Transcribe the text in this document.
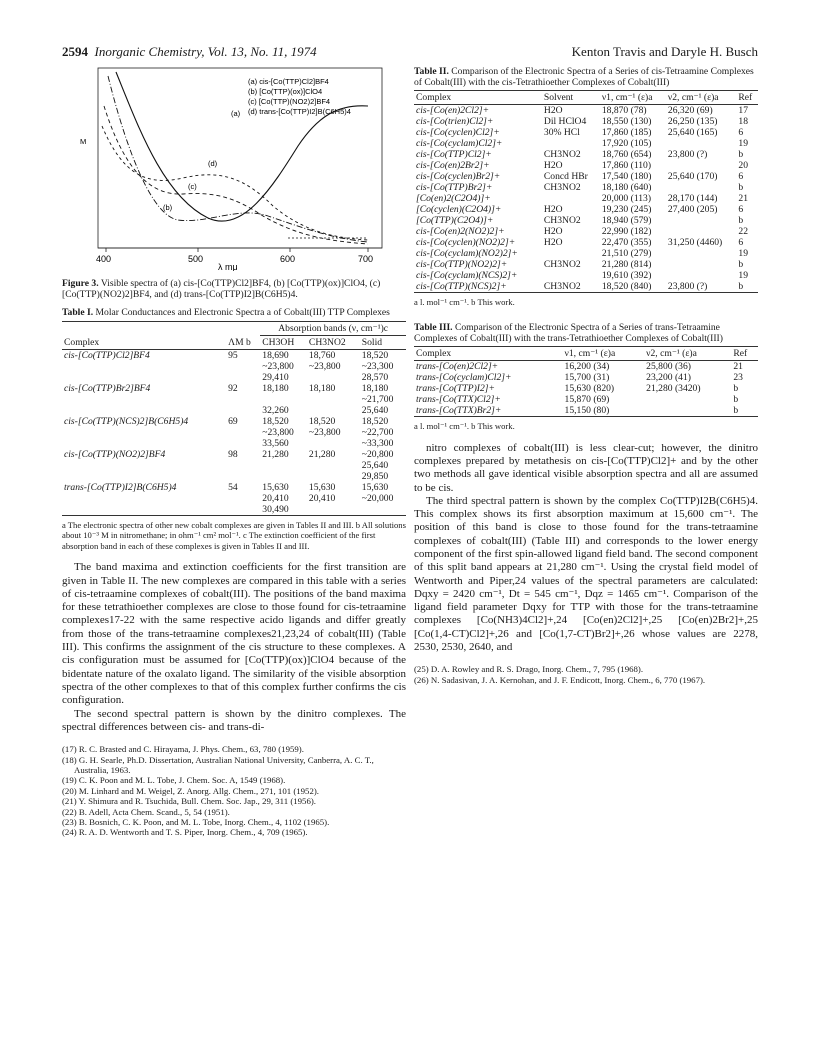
2594 Inorganic Chemistry, Vol. 13, No. 11, 1974	Kenton Travis and Daryle H. Busch
(a) cis-[Co(TTP)Cl2]BF4
(b) [Co(TTP)(ox)]ClO4
(c) [Co(TTP)(NO2)2]BF4
(d) trans-[Co(TTP)I2]B(C6H5)4
(a)
(b)
(c)
(d)
M
400	500	600	700
λ mμ
Figure 3. Visible spectra of (a) cis-[Co(TTP)Cl2]BF4, (b) [Co(TTP)(ox)]ClO4, (c) [Co(TTP)(NO2)2]BF4, and (d) trans-[Co(TTP)I2]B(C6H5)4.
Table I. Molar Conductances and Electronic Spectra a of Cobalt(III) TTP Complexes
		Absorption bands (ν, cm⁻¹)c		
Complex	ΛM b	CH3OH	CH3NO2	Solid
cis-[Co(TTP)Cl2]BF4	95	18,690	18,760	18,520
		~23,800	~23,800	~23,300
		29,410		28,570
cis-[Co(TTP)Br2]BF4	92	18,180	18,180	18,180
				~21,700
		32,260		25,640
cis-[Co(TTP)(NCS)2]B(C6H5)4	69	18,520	18,520	18,520
		~23,800	~23,800	~22,700
		33,560		~33,300
cis-[Co(TTP)(NO2)2]BF4	98	21,280	21,280	~20,800
				25,640
				29,850
trans-[Co(TTP)I2]B(C6H5)4	54	15,630	15,630	15,630
		20,410	20,410	~20,000
		30,490		
a The electronic spectra of other new cobalt complexes are given in Tables II and III. b All solutions about 10⁻³ M in nitromethane; in ohm⁻¹ cm² mol⁻¹. c The extinction coefficient of the first absorption band in each of these complexes is given in Tables II and III.

The band maxima and extinction coefficients for the first transition are given in Table II. The new complexes are compared in this table with a series of cis-tetraamine complexes of cobalt(III). The positions of the band maxima for these tetrathioether complexes are close to those found for cis-tetraamine complexes17-22 with the same respective acido ligands and differ greatly from those of the trans-tetraamine complexes21,23,24 of cobalt(III) (Table III). This confirms the assignment of the cis structure to these complexes. A cis configuration must be assumed for [Co(TTP)(ox)]ClO4 because of the bidentate nature of the oxalato ligand. The similarity of the visible absorption spectra of the other complexes to that of this complex further confirms the cis configuration.

The second spectral pattern is shown by the dinitro complexes. The spectral differences between cis- and trans-di-

(17) R. C. Brasted and C. Hirayama, J. Phys. Chem., 63, 780 (1959).
(18) G. H. Searle, Ph.D. Dissertation, Australian National University, Canberra, A. C. T., Australia, 1963.
(19) C. K. Poon and M. L. Tobe, J. Chem. Soc. A, 1549 (1968).
(20) M. Linhard and M. Weigel, Z. Anorg. Allg. Chem., 271, 101 (1952).
(21) Y. Shimura and R. Tsuchida, Bull. Chem. Soc. Jap., 29, 311 (1956).
(22) B. Adell, Acta Chem. Scand., 5, 54 (1951).
(23) B. Bosnich, C. K. Poon, and M. L. Tobe, Inorg. Chem., 4, 1102 (1965).
(24) R. A. D. Wentworth and T. S. Piper, Inorg. Chem., 4, 709 (1965).
Table II. Comparison of the Electronic Spectra of a Series of cis-Tetraamine Complexes of Cobalt(III) with the cis-Tetrathioether Complexes of Cobalt(III)
Complex	Solvent	ν1, cm⁻¹ (ε)a	ν2, cm⁻¹ (ε)a	Ref
cis-[Co(en)2Cl2]+	H2O	18,870 (78)	26,320 (69)	17
cis-[Co(trien)Cl2]+	Dil HClO4	18,550 (130)	26,250 (135)	18
cis-[Co(cyclen)Cl2]+	30% HCl	17,860 (185)	25,640 (165)	6
cis-[Co(cyclam)Cl2]+		17,920 (105)		19
cis-[Co(TTP)Cl2]+	CH3NO2	18,760 (654)	23,800 (?)	b
cis-[Co(en)2Br2]+	H2O	17,860 (110)		20
cis-[Co(cyclen)Br2]+	Concd HBr	17,540 (180)	25,640 (170)	6
cis-[Co(TTP)Br2]+	CH3NO2	18,180 (640)		b
[Co(en)2(C2O4)]+		20,000 (113)	28,170 (144)	21
[Co(cyclen)(C2O4)]+	H2O	19,230 (245)	27,400 (205)	6
[Co(TTP)(C2O4)]+	CH3NO2	18,940 (579)		b
cis-[Co(en)2(NO2)2]+	H2O	22,990 (182)		22
cis-[Co(cyclen)(NO2)2]+	H2O	22,470 (355)	31,250 (4460)	6
cis-[Co(cyclam)(NO2)2]+		21,510 (279)		19
cis-[Co(TTP)(NO2)2]+	CH3NO2	21,280 (814)		b
cis-[Co(cyclam)(NCS)2]+		19,610 (392)		19
cis-[Co(TTP)(NCS)2]+	CH3NO2	18,520 (840)	23,800 (?)	b
a l. mol⁻¹ cm⁻¹. b This work.
Table III. Comparison of the Electronic Spectra of a Series of trans-Tetraamine Complexes of Cobalt(III) with the trans-Tetrathioether Complexes of Cobalt(III)
Complex	ν1, cm⁻¹ (ε)a	ν2, cm⁻¹ (ε)a	Ref
trans-[Co(en)2Cl2]+	16,200 (34)	25,800 (36)	21
trans-[Co(cyclam)Cl2]+	15,700 (31)	23,200 (41)	23
trans-[Co(TTP)I2]+	15,630 (820)	21,280 (3420)	b
trans-[Co(TTX)Cl2]+	15,870 (69)		b
trans-[Co(TTX)Br2]+	15,150 (80)		b
a l. mol⁻¹ cm⁻¹. b This work.

nitro complexes of cobalt(III) is less clear-cut; however, the dinitro complexes prepared by metathesis on cis-[Co(TTP)Cl2]+ and by the other two methods all gave identical visible absorption spectra and all are assumed to be cis.

The third spectral pattern is shown by the complex Co(TTP)I2B(C6H5)4. This complex shows its first absorption maximum at 15,600 cm⁻¹. The position of this band is close to those found for the trans-tetraamine complexes of cobalt(III) (Table III) and corresponds to the lower energy component of the first spin-allowed ligand field band. The second component of this split band appears at 21,280 cm⁻¹. Using the crystal field model of Wentworth and Piper,24 values of the spectral parameters are calculated: Dqxy = 2420 cm⁻¹, Dt = 545 cm⁻¹, Dqz = 1465 cm⁻¹. Comparison of the ligand field parameter Dqxy for TTP with those for the trans-tetraamine complexes [Co(NH3)4Cl2]+,24 [Co(en)2Cl2]+,25 [Co(en)2Br2]+,25 [Co(1,4-CT)Cl2]+,26 and [Co(1,7-CT)Br2]+,26 whose values are 2278, 2530, 2530, 2640, and

(25) D. A. Rowley and R. S. Drago, Inorg. Chem., 7, 795 (1968).
(26) N. Sadasivan, J. A. Kernohan, and J. F. Endicott, Inorg. Chem., 6, 770 (1967).
